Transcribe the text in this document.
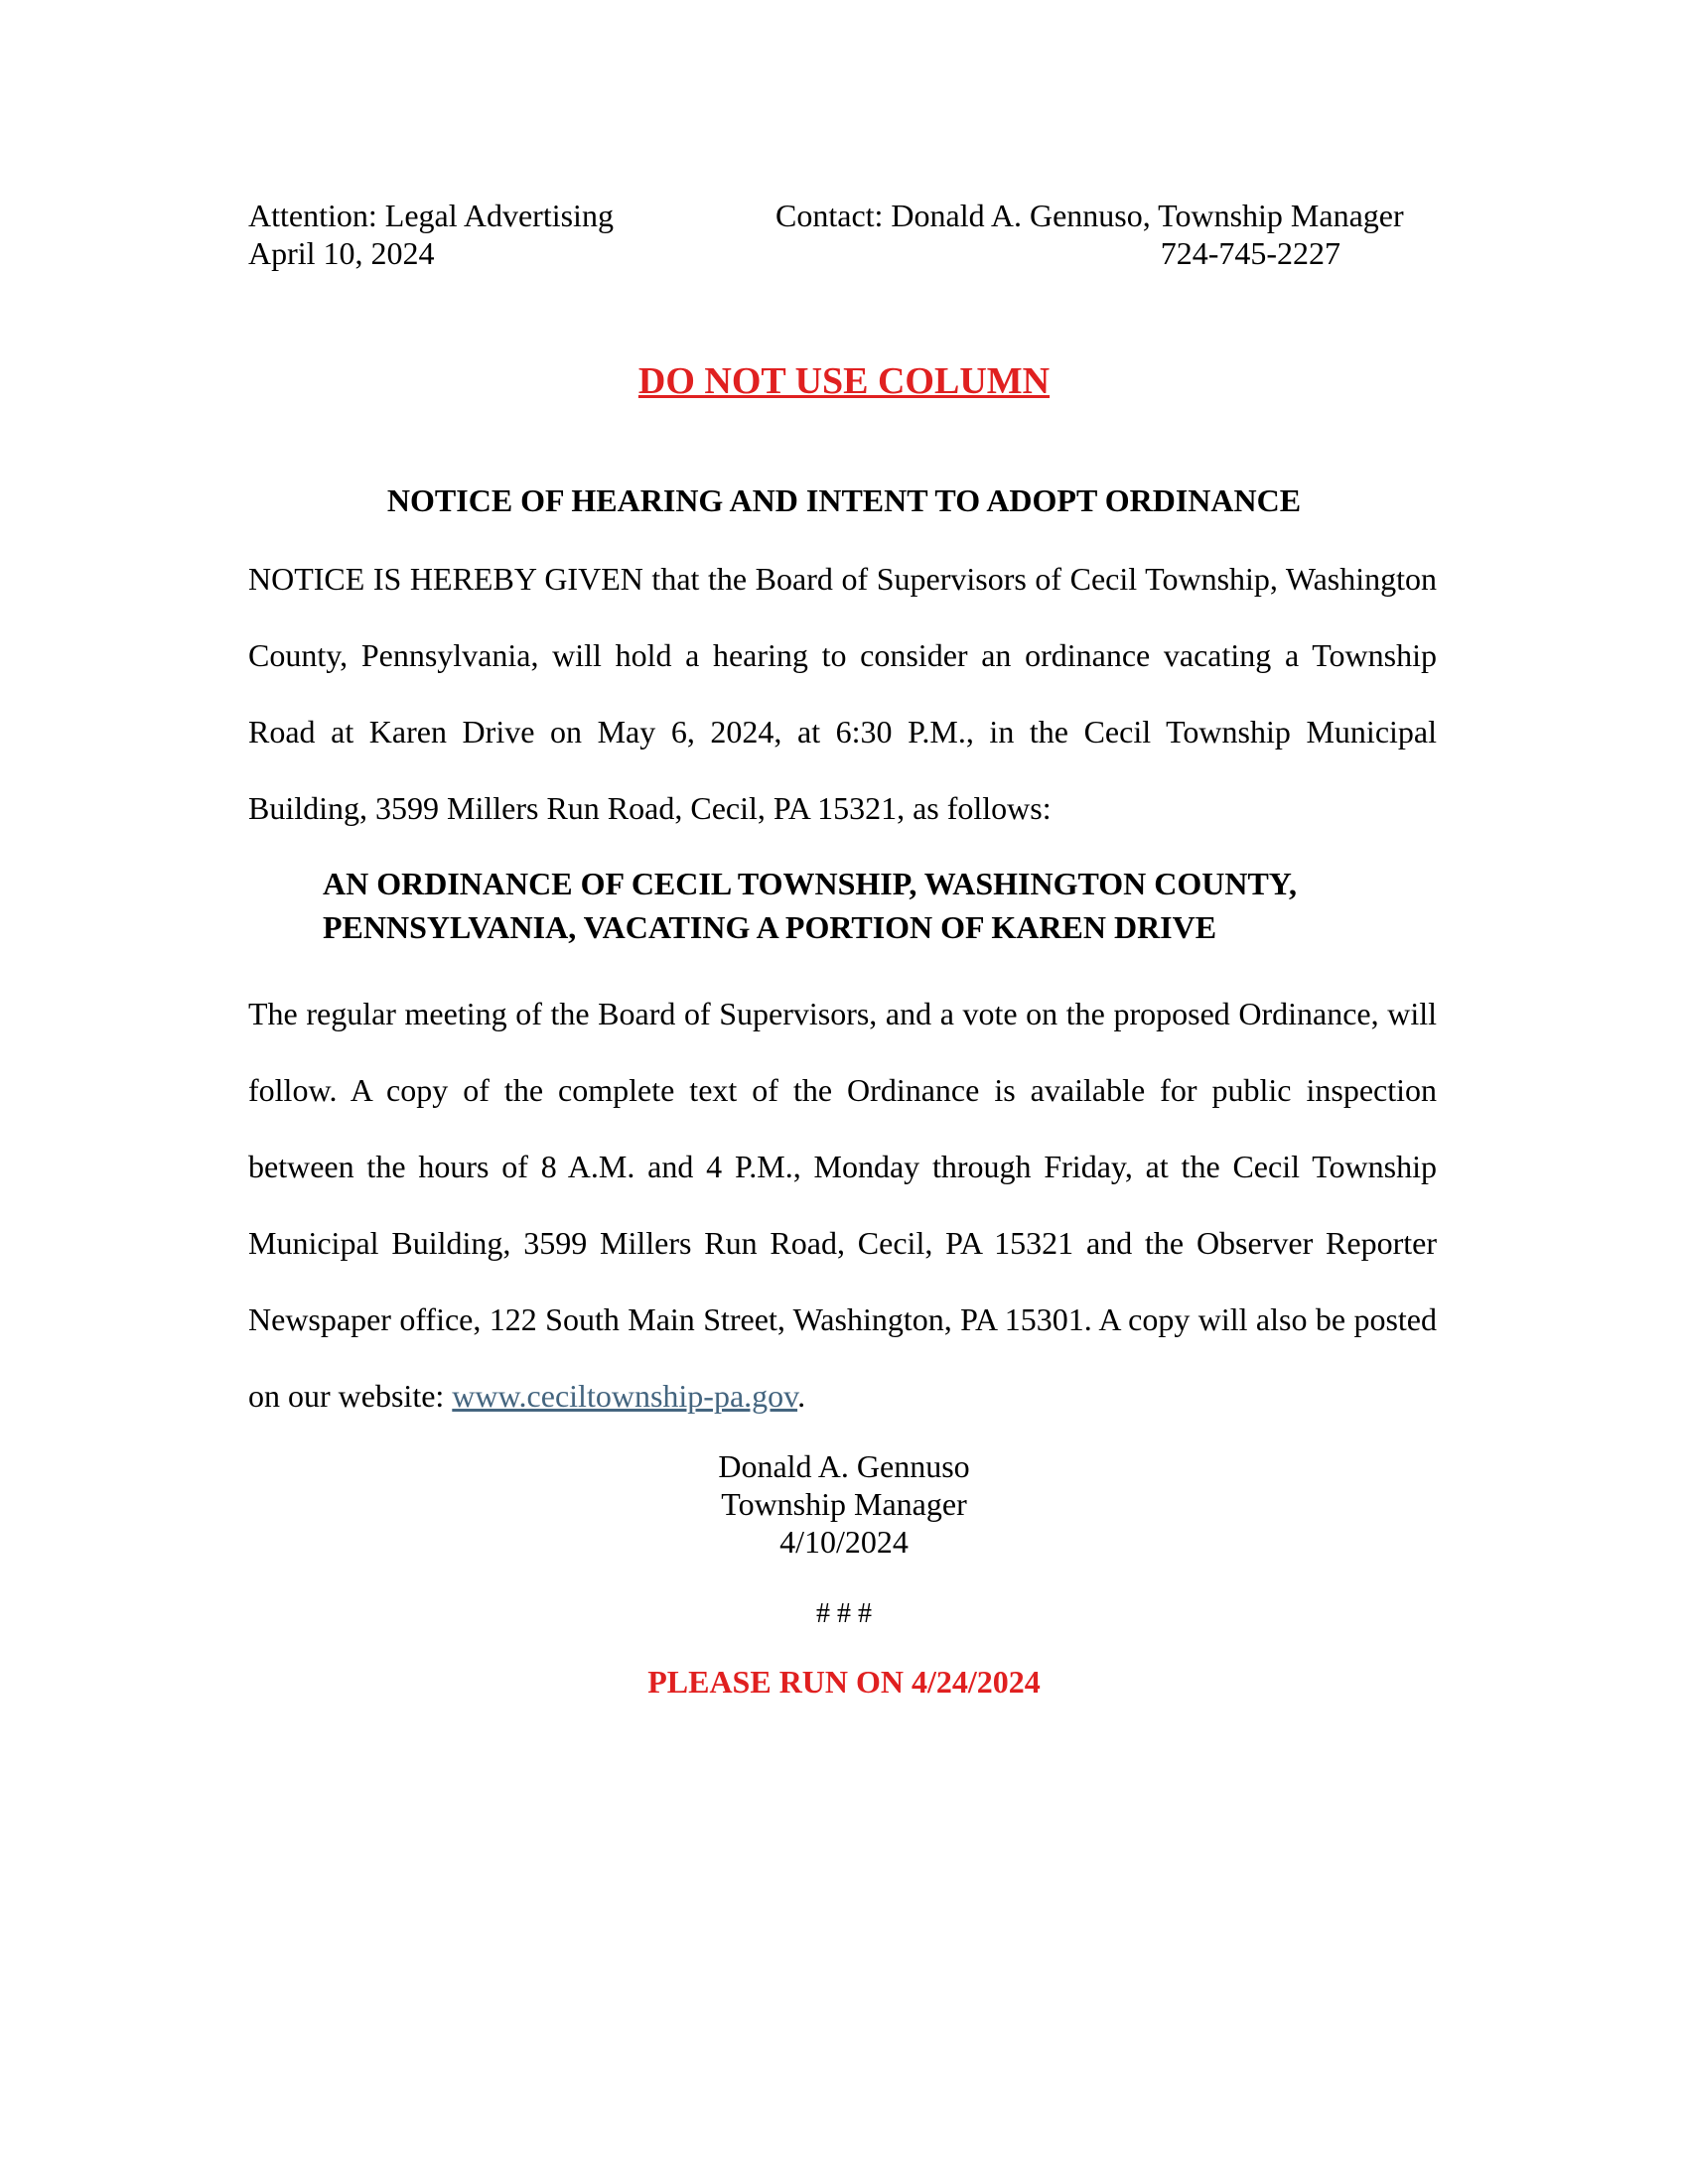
Attention: Legal Advertising
April 10, 2024
Contact: Donald A. Gennuso, Township Manager
724-745-2227
DO NOT USE COLUMN
NOTICE OF HEARING AND INTENT TO ADOPT ORDINANCE
NOTICE IS HEREBY GIVEN that the Board of Supervisors of Cecil Township, Washington County, Pennsylvania, will hold a hearing to consider an ordinance vacating a Township Road at Karen Drive on May 6, 2024, at 6:30 P.M., in the Cecil Township Municipal Building, 3599 Millers Run Road, Cecil, PA 15321, as follows:
AN ORDINANCE OF CECIL TOWNSHIP, WASHINGTON COUNTY,
PENNSYLVANIA, VACATING A PORTION OF KAREN DRIVE
The regular meeting of the Board of Supervisors, and a vote on the proposed Ordinance, will follow. A copy of the complete text of the Ordinance is available for public inspection between the hours of 8 A.M. and 4 P.M., Monday through Friday, at the Cecil Township Municipal Building, 3599 Millers Run Road, Cecil, PA 15321 and the Observer Reporter Newspaper office, 122 South Main Street, Washington, PA 15301. A copy will also be posted on our website: www.ceciltownship-pa.gov.
Donald A. Gennuso
Township Manager
4/10/2024
# # #
PLEASE RUN ON 4/24/2024
